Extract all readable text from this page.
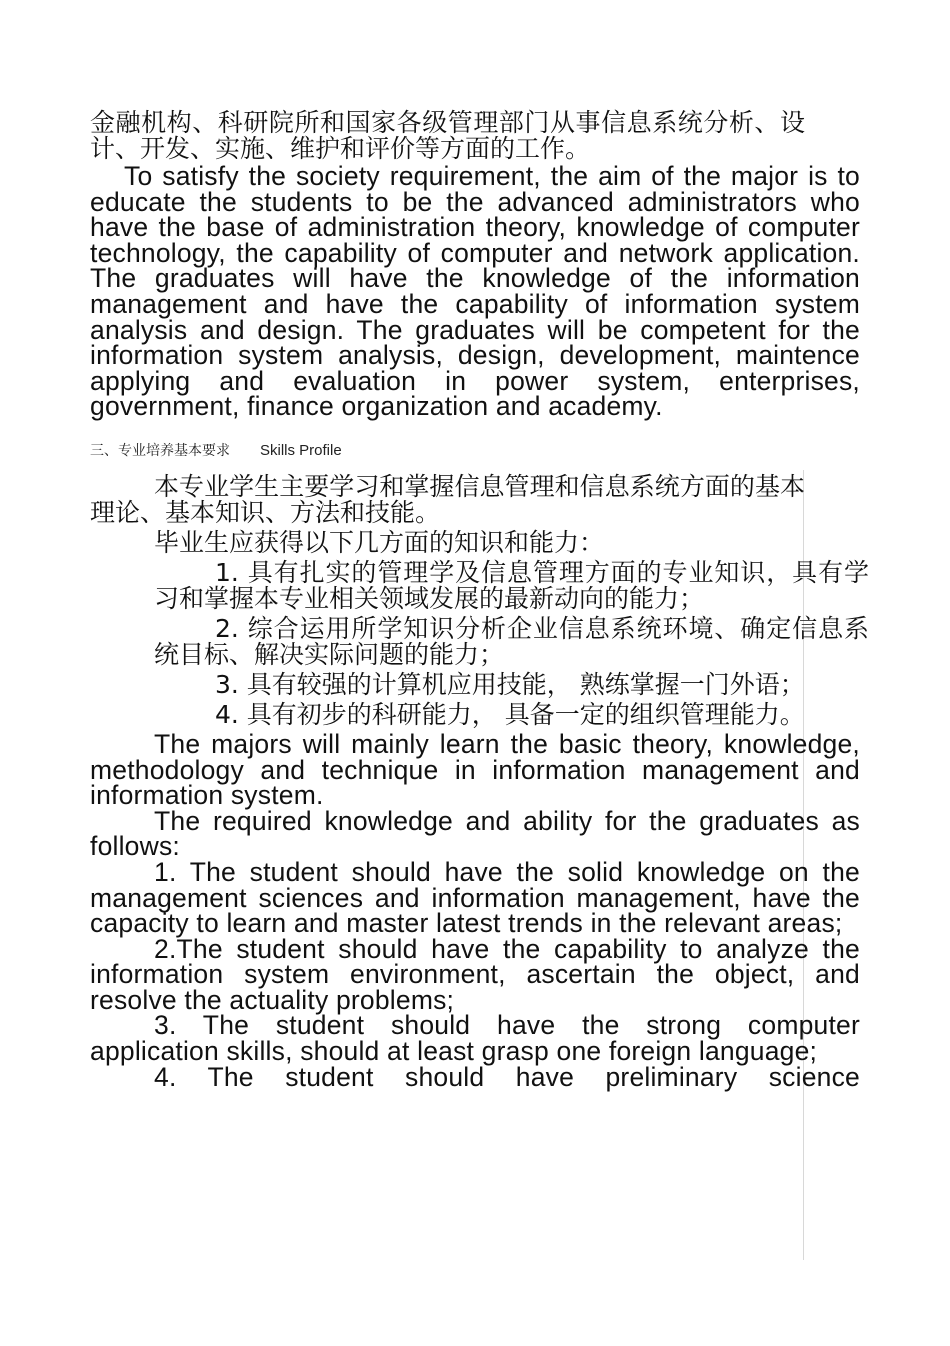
金融机构、科研院所和国家各级管理部门从事信息系统分析、设计、开发、实施、维护和评价等方面的工作。

To satisfy the society requirement, the aim of the major is to educate the students to be the advanced administrators who have the base of administration theory, knowledge of computer technology, the capability of computer and network application. The graduates will have the knowledge of the information management and have the capability of information system analysis and design. The graduates will be competent for the information system analysis, design, development, maintence applying and evaluation in power system, enterprises, government, finance organization and academy.

三、专业培养基本要求 Skills Profile

本专业学生主要学习和掌握信息管理和信息系统方面的基本理论、基本知识、方法和技能。

毕业生应获得以下几方面的知识和能力：

1. 具有扎实的管理学及信息管理方面的专业知识，具有学习和掌握本专业相关领域发展的最新动向的能力；

2. 综合运用所学知识分析企业信息系统环境、确定信息系统目标、解决实际问题的能力；

3. 具有较强的计算机应用技能， 熟练掌握一门外语；

4. 具有初步的科研能力， 具备一定的组织管理能力。

The majors will mainly learn the basic theory, knowledge, methodology and technique in information management and information system.

The required knowledge and ability for the graduates as follows:

1. The student should have the solid knowledge on the management sciences and information management, have the capacity to learn and master latest trends in the relevant areas;

2.The student should have the capability to analyze the information system environment, ascertain the object, and resolve the actuality problems;

3. The student should have the strong computer application skills, should at least grasp one foreign language;

4. The student should have preliminary science
